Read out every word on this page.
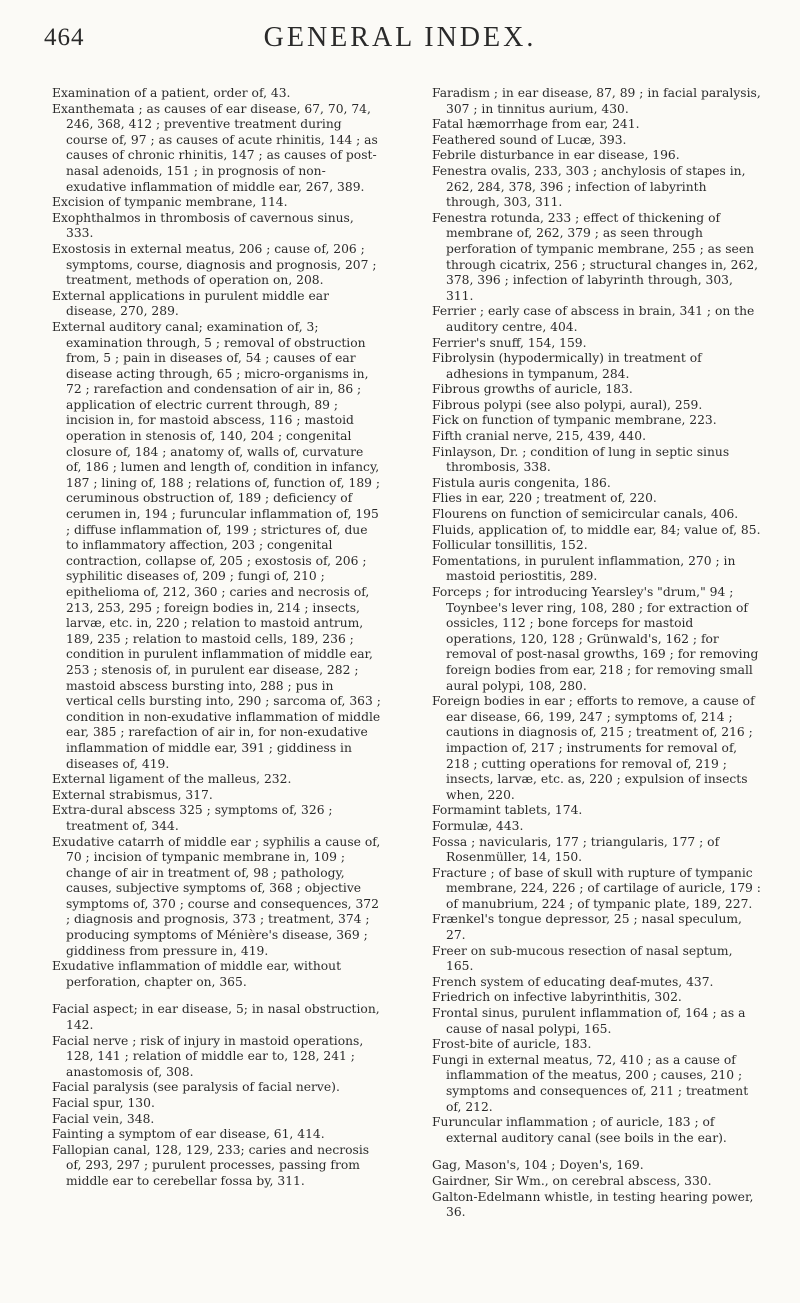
464	GENERAL INDEX.

Examination of a patient, order of, 43.

Exanthemata ; as causes of ear disease, 67, 70, 74, 246, 368, 412 ; preventive treatment during course of, 97 ; as causes of acute rhinitis, 144 ; as causes of chronic rhinitis, 147 ; as causes of post-nasal adenoids, 151 ; in prognosis of non-exudative inflammation of middle ear, 267, 389.

Excision of tympanic membrane, 114.

Exophthalmos in thrombosis of cavernous sinus, 333.

Exostosis in external meatus, 206 ; cause of, 206 ; symptoms, course, diagnosis and prognosis, 207 ; treatment, methods of operation on, 208.

External applications in purulent middle ear disease, 270, 289.

External auditory canal; examination of, 3; examination through, 5 ; removal of obstruction from, 5 ; pain in diseases of, 54 ; causes of ear disease acting through, 65 ; micro-organisms in, 72 ; rarefaction and condensation of air in, 86 ; application of electric current through, 89 ; incision in, for mastoid abscess, 116 ; mastoid operation in stenosis of, 140, 204 ; congenital closure of, 184 ; anatomy of, walls of, curvature of, 186 ; lumen and length of, condition in infancy, 187 ; lining of, 188 ; relations of, function of, 189 ; ceruminous obstruction of, 189 ; deficiency of cerumen in, 194 ; furuncular inflammation of, 195 ; diffuse inflammation of, 199 ; strictures of, due to inflammatory affection, 203 ; congenital contraction, collapse of, 205 ; exostosis of, 206 ; syphilitic diseases of, 209 ; fungi of, 210 ; epithelioma of, 212, 360 ; caries and necrosis of, 213, 253, 295 ; foreign bodies in, 214 ; insects, larvæ, etc. in, 220 ; relation to mastoid antrum, 189, 235 ; relation to mastoid cells, 189, 236 ; condition in purulent inflammation of middle ear, 253 ; stenosis of, in purulent ear disease, 282 ; mastoid abscess bursting into, 288 ; pus in vertical cells bursting into, 290 ; sarcoma of, 363 ; condition in non-exudative inflammation of middle ear, 385 ; rarefaction of air in, for non-exudative inflammation of middle ear, 391 ; giddiness in diseases of, 419.

External ligament of the malleus, 232.

External strabismus, 317.

Extra-dural abscess 325 ; symptoms of, 326 ; treatment of, 344.

Exudative catarrh of middle ear ; syphilis a cause of, 70 ; incision of tympanic membrane in, 109 ; change of air in treatment of, 98 ; pathology, causes, subjective symptoms of, 368 ; objective symptoms of, 370 ; course and consequences, 372 ; diagnosis and prognosis, 373 ; treatment, 374 ; producing symptoms of Ménière's disease, 369 ; giddiness from pressure in, 419.

Exudative inflammation of middle ear, without perforation, chapter on, 365.

Facial aspect; in ear disease, 5; in nasal obstruction, 142.

Facial nerve ; risk of injury in mastoid operations, 128, 141 ; relation of middle ear to, 128, 241 ; anastomosis of, 308.

Facial paralysis (see paralysis of facial nerve).

Facial spur, 130.

Facial vein, 348.

Fainting a symptom of ear disease, 61, 414.

Fallopian canal, 128, 129, 233; caries and necrosis of, 293, 297 ; purulent processes, passing from middle ear to cerebellar fossa by, 311.

Faradism ; in ear disease, 87, 89 ; in facial paralysis, 307 ; in tinnitus aurium, 430.

Fatal hæmorrhage from ear, 241.

Feathered sound of Lucæ, 393.

Febrile disturbance in ear disease, 196.

Fenestra ovalis, 233, 303 ; anchylosis of stapes in, 262, 284, 378, 396 ; infection of labyrinth through, 303, 311.

Fenestra rotunda, 233 ; effect of thickening of membrane of, 262, 379 ; as seen through perforation of tympanic membrane, 255 ; as seen through cicatrix, 256 ; structural changes in, 262, 378, 396 ; infection of labyrinth through, 303, 311.

Ferrier ; early case of abscess in brain, 341 ; on the auditory centre, 404.

Ferrier's snuff, 154, 159.

Fibrolysin (hypodermically) in treatment of adhesions in tympanum, 284.

Fibrous growths of auricle, 183.

Fibrous polypi (see also polypi, aural), 259.

Fick on function of tympanic membrane, 223.

Fifth cranial nerve, 215, 439, 440.

Finlayson, Dr. ; condition of lung in septic sinus thrombosis, 338.

Fistula auris congenita, 186.

Flies in ear, 220 ; treatment of, 220.

Flourens on function of semicircular canals, 406.

Fluids, application of, to middle ear, 84; value of, 85.

Follicular tonsillitis, 152.

Fomentations, in purulent inflammation, 270 ; in mastoid periostitis, 289.

Forceps ; for introducing Yearsley's "drum," 94 ; Toynbee's lever ring, 108, 280 ; for extraction of ossicles, 112 ; bone forceps for mastoid operations, 120, 128 ; Grünwald's, 162 ; for removal of post-nasal growths, 169 ; for removing foreign bodies from ear, 218 ; for removing small aural polypi, 108, 280.

Foreign bodies in ear ; efforts to remove, a cause of ear disease, 66, 199, 247 ; symptoms of, 214 ; cautions in diagnosis of, 215 ; treatment of, 216 ; impaction of, 217 ; instruments for removal of, 218 ; cutting operations for removal of, 219 ; insects, larvæ, etc. as, 220 ; expulsion of insects when, 220.

Formamint tablets, 174.

Formulæ, 443.

Fossa ; navicularis, 177 ; triangularis, 177 ; of Rosenmüller, 14, 150.

Fracture ; of base of skull with rupture of tympanic membrane, 224, 226 ; of cartilage of auricle, 179 : of manubrium, 224 ; of tympanic plate, 189, 227.

Frænkel's tongue depressor, 25 ; nasal speculum, 27.

Freer on sub-mucous resection of nasal septum, 165.

French system of educating deaf-mutes, 437.

Friedrich on infective labyrinthitis, 302.

Frontal sinus, purulent inflammation of, 164 ; as a cause of nasal polypi, 165.

Frost-bite of auricle, 183.

Fungi in external meatus, 72, 410 ; as a cause of inflammation of the meatus, 200 ; causes, 210 ; symptoms and consequences of, 211 ; treatment of, 212.

Furuncular inflammation ; of auricle, 183 ; of external auditory canal (see boils in the ear).

Gag, Mason's, 104 ; Doyen's, 169.

Gairdner, Sir Wm., on cerebral abscess, 330.

Galton-Edelmann whistle, in testing hearing power, 36.
